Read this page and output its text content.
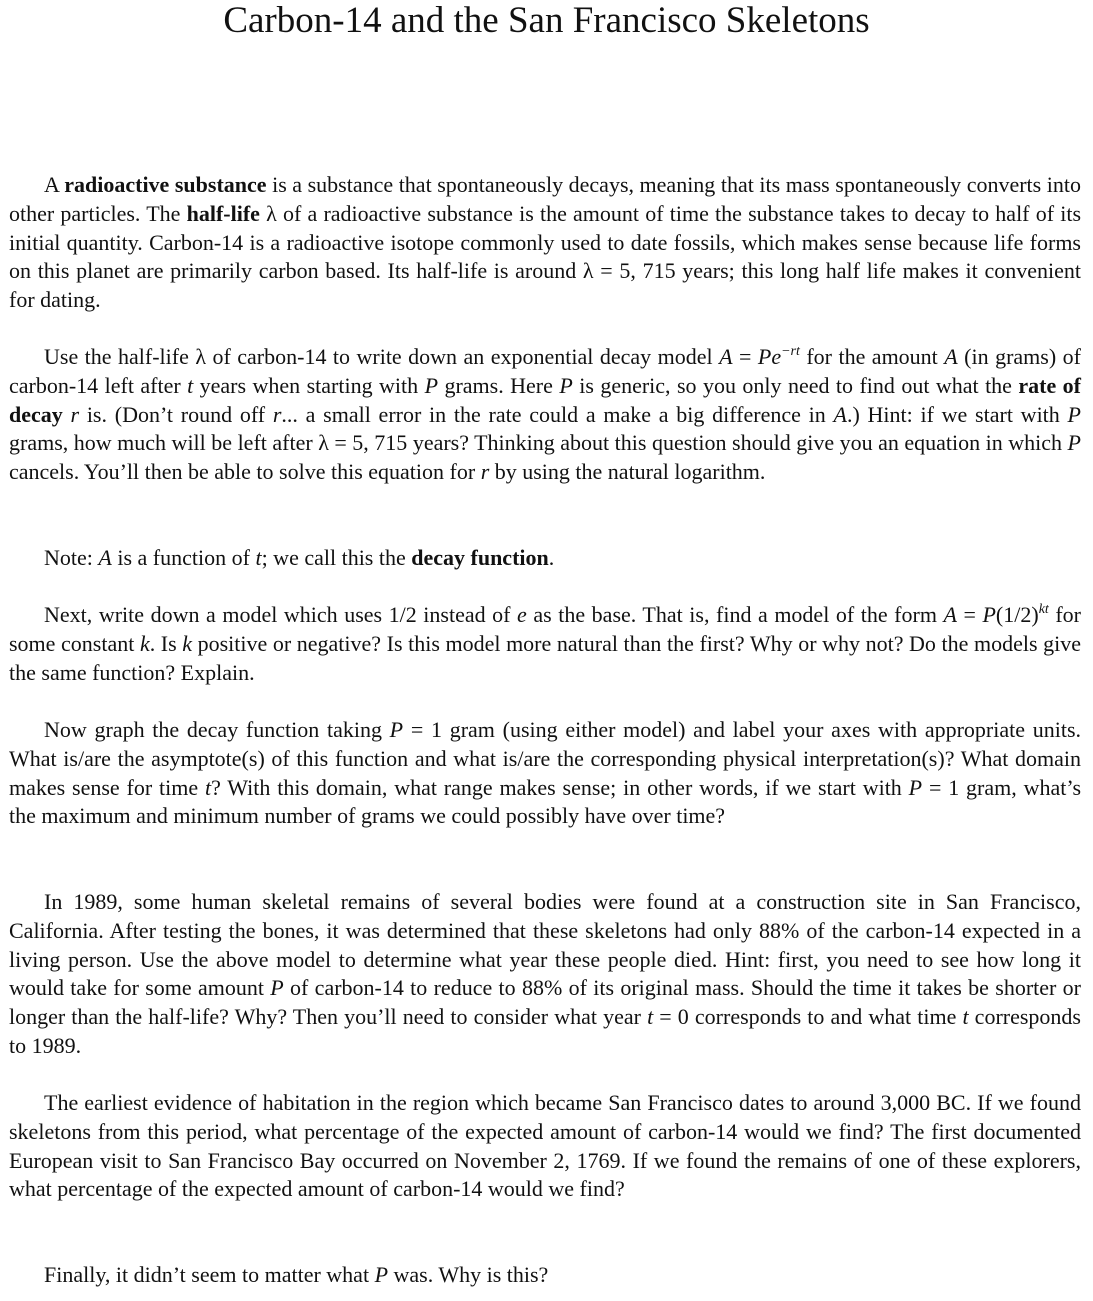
Carbon-14 and the San Francisco Skeletons

A radioactive substance is a substance that spontaneously decays, meaning that its mass spontaneously converts into other particles. The half-life λ of a radioactive substance is the amount of time the substance takes to decay to half of its initial quantity. Carbon-14 is a radioactive isotope commonly used to date fossils, which makes sense because life forms on this planet are primarily carbon based. Its half-life is around λ = 5, 715 years; this long half life makes it convenient for dating.

Use the half-life λ of carbon-14 to write down an exponential decay model $A = Pe^{-rt}$ for the amount A (in grams) of carbon-14 left after t years when starting with P grams. Here P is generic, so you only need to find out what the rate of decay r is. (Don’t round off r... a small error in the rate could a make a big difference in A.) Hint: if we start with P grams, how much will be left after λ = 5, 715 years? Thinking about this question should give you an equation in which P cancels. You’ll then be able to solve this equation for r by using the natural logarithm.

Note: A is a function of t; we call this the decay function.

Next, write down a model which uses 1/2 instead of e as the base. That is, find a model of the form $A = P(1/2)^{kt}$ for some constant k. Is k positive or negative? Is this model more natural than the first? Why or why not? Do the models give the same function? Explain.

Now graph the decay function taking P = 1 gram (using either model) and label your axes with appropriate units. What is/are the asymptote(s) of this function and what is/are the corresponding physical interpretation(s)? What domain makes sense for time t? With this domain, what range makes sense; in other words, if we start with P = 1 gram, what’s the maximum and minimum number of grams we could possibly have over time?

In 1989, some human skeletal remains of several bodies were found at a construction site in San Francisco, California. After testing the bones, it was determined that these skeletons had only 88% of the carbon-14 expected in a living person. Use the above model to determine what year these people died. Hint: first, you need to see how long it would take for some amount P of carbon-14 to reduce to 88% of its original mass. Should the time it takes be shorter or longer than the half-life? Why? Then you’ll need to consider what year t = 0 corresponds to and what time t corresponds to 1989.

The earliest evidence of habitation in the region which became San Francisco dates to around 3,000 BC. If we found skeletons from this period, what percentage of the expected amount of carbon-14 would we find? The first documented European visit to San Francisco Bay occurred on November 2, 1769. If we found the remains of one of these explorers, what percentage of the expected amount of carbon-14 would we find?

Finally, it didn’t seem to matter what P was. Why is this?
